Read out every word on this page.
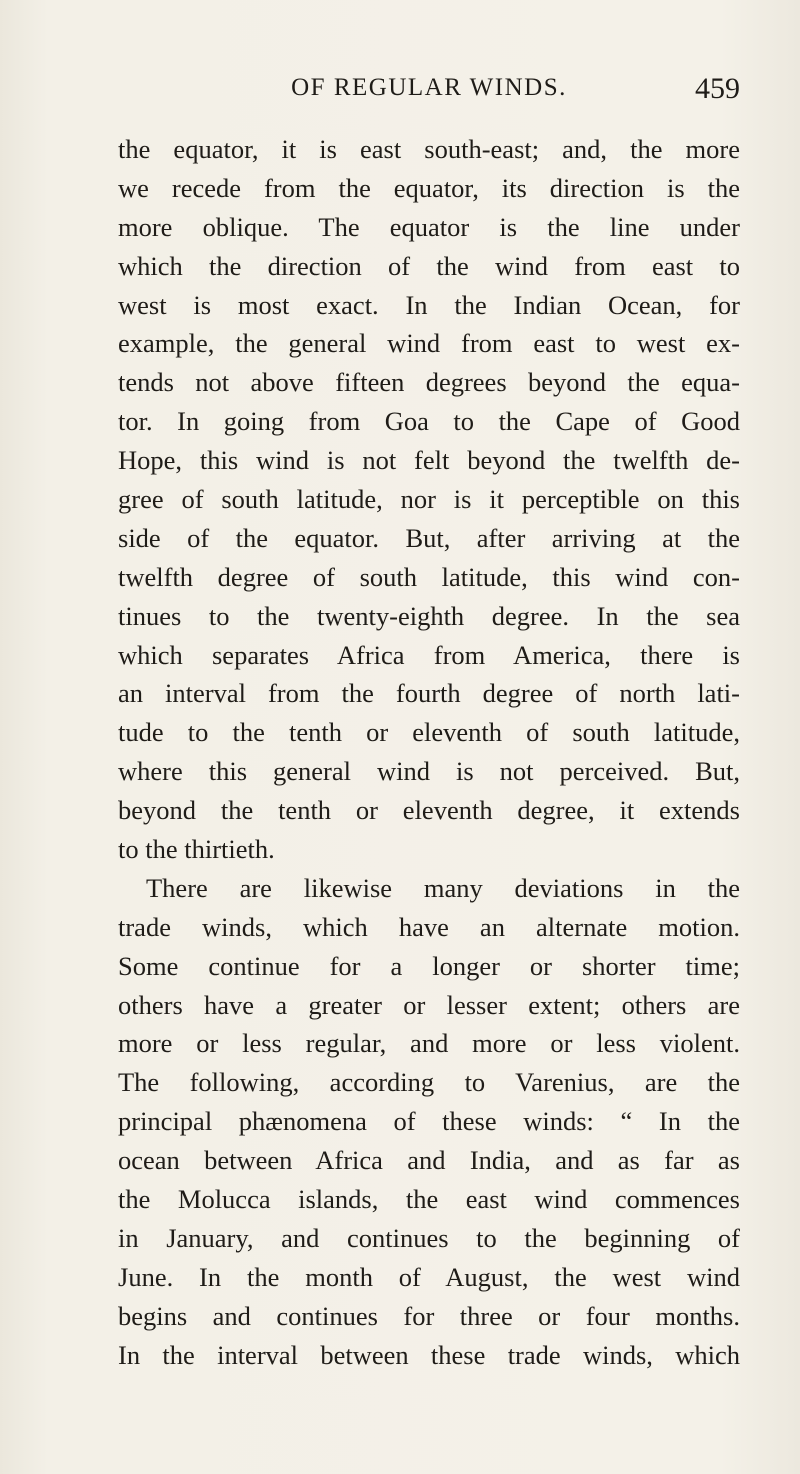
OF REGULAR WINDS.	459
the equator, it is east south-east; and, the more
we recede from the equator, its direction is the
more oblique. The equator is the line under
which the direction of the wind from east to
west is most exact. In the Indian Ocean, for
example, the general wind from east to west ex-
tends not above fifteen degrees beyond the equa-
tor. In going from Goa to the Cape of Good
Hope, this wind is not felt beyond the twelfth de-
gree of south latitude, nor is it perceptible on this
side of the equator. But, after arriving at the
twelfth degree of south latitude, this wind con-
tinues to the twenty-eighth degree. In the sea
which separates Africa from America, there is
an interval from the fourth degree of north lati-
tude to the tenth or eleventh of south latitude,
where this general wind is not perceived. But,
beyond the tenth or eleventh degree, it extends
to the thirtieth.
There are likewise many deviations in the
trade winds, which have an alternate motion.
Some continue for a longer or shorter time;
others have a greater or lesser extent; others are
more or less regular, and more or less violent.
The following, according to Varenius, are the
principal phænomena of these winds: “ In the
ocean between Africa and India, and as far as
the Molucca islands, the east wind commences
in January, and continues to the beginning of
June. In the month of August, the west wind
begins and continues for three or four months.
In the interval between these trade winds, which
